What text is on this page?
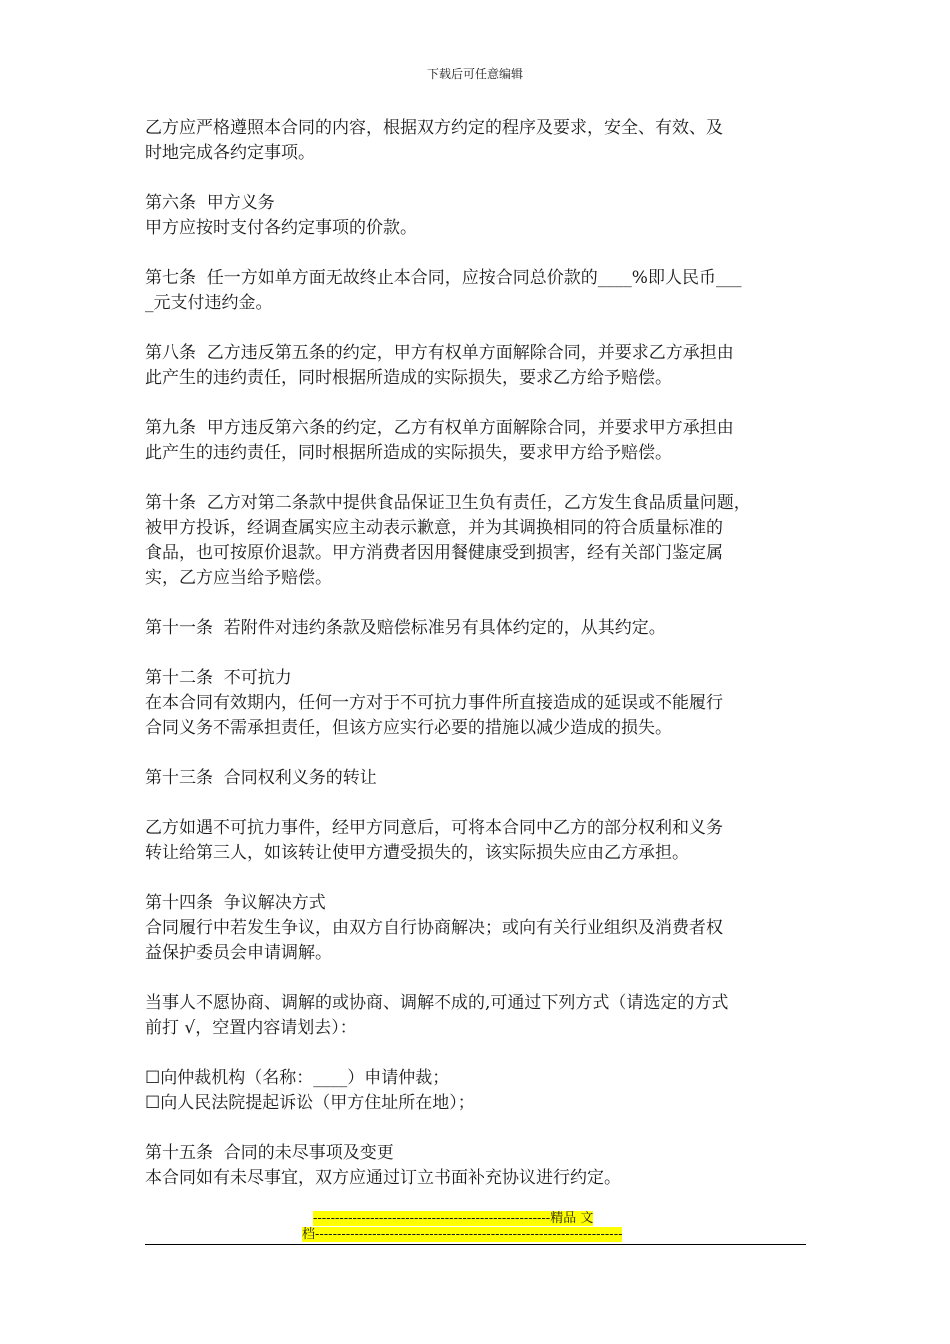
下载后可任意编辑

乙方应严格遵照本合同的内容，根据双方约定的程序及要求，安全、有效、及

时地完成各约定事项。

第六条  甲方义务

甲方应按时支付各约定事项的价款。

第七条  任一方如单方面无故终止本合同，应按合同总价款的____%即人民币___

_元支付违约金。

第八条  乙方违反第五条的约定，甲方有权单方面解除合同，并要求乙方承担由

此产生的违约责任，同时根据所造成的实际损失，要求乙方给予赔偿。

第九条  甲方违反第六条的约定，乙方有权单方面解除合同，并要求甲方承担由

此产生的违约责任，同时根据所造成的实际损失，要求甲方给予赔偿。

第十条  乙方对第二条款中提供食品保证卫生负有责任，乙方发生食品质量问题，

被甲方投诉，经调查属实应主动表示歉意，并为其调换相同的符合质量标准的

食品，也可按原价退款。甲方消费者因用餐健康受到损害，经有关部门鉴定属

实，乙方应当给予赔偿。

第十一条  若附件对违约条款及赔偿标准另有具体约定的，从其约定。

第十二条  不可抗力

在本合同有效期内，任何一方对于不可抗力事件所直接造成的延误或不能履行

合同义务不需承担责任，但该方应实行必要的措施以减少造成的损失。

第十三条  合同权利义务的转让

乙方如遇不可抗力事件，经甲方同意后，可将本合同中乙方的部分权利和义务

转让给第三人，如该转让使甲方遭受损失的，该实际损失应由乙方承担。

第十四条  争议解决方式

合同履行中若发生争议，由双方自行协商解决；或向有关行业组织及消费者权

益保护委员会申请调解。

当事人不愿协商、调解的或协商、调解不成的,可通过下列方式（请选定的方式

前打 √，空置内容请划去）：

☐向仲裁机构（名称：____）申请仲裁；

☐向人民法院提起诉讼（甲方住址所在地）；

第十五条  合同的未尽事项及变更

本合同如有未尽事宜，双方应通过订立书面补充协议进行约定。

------------------------------------------------------精品 文
档----------------------------------------------------------------------
